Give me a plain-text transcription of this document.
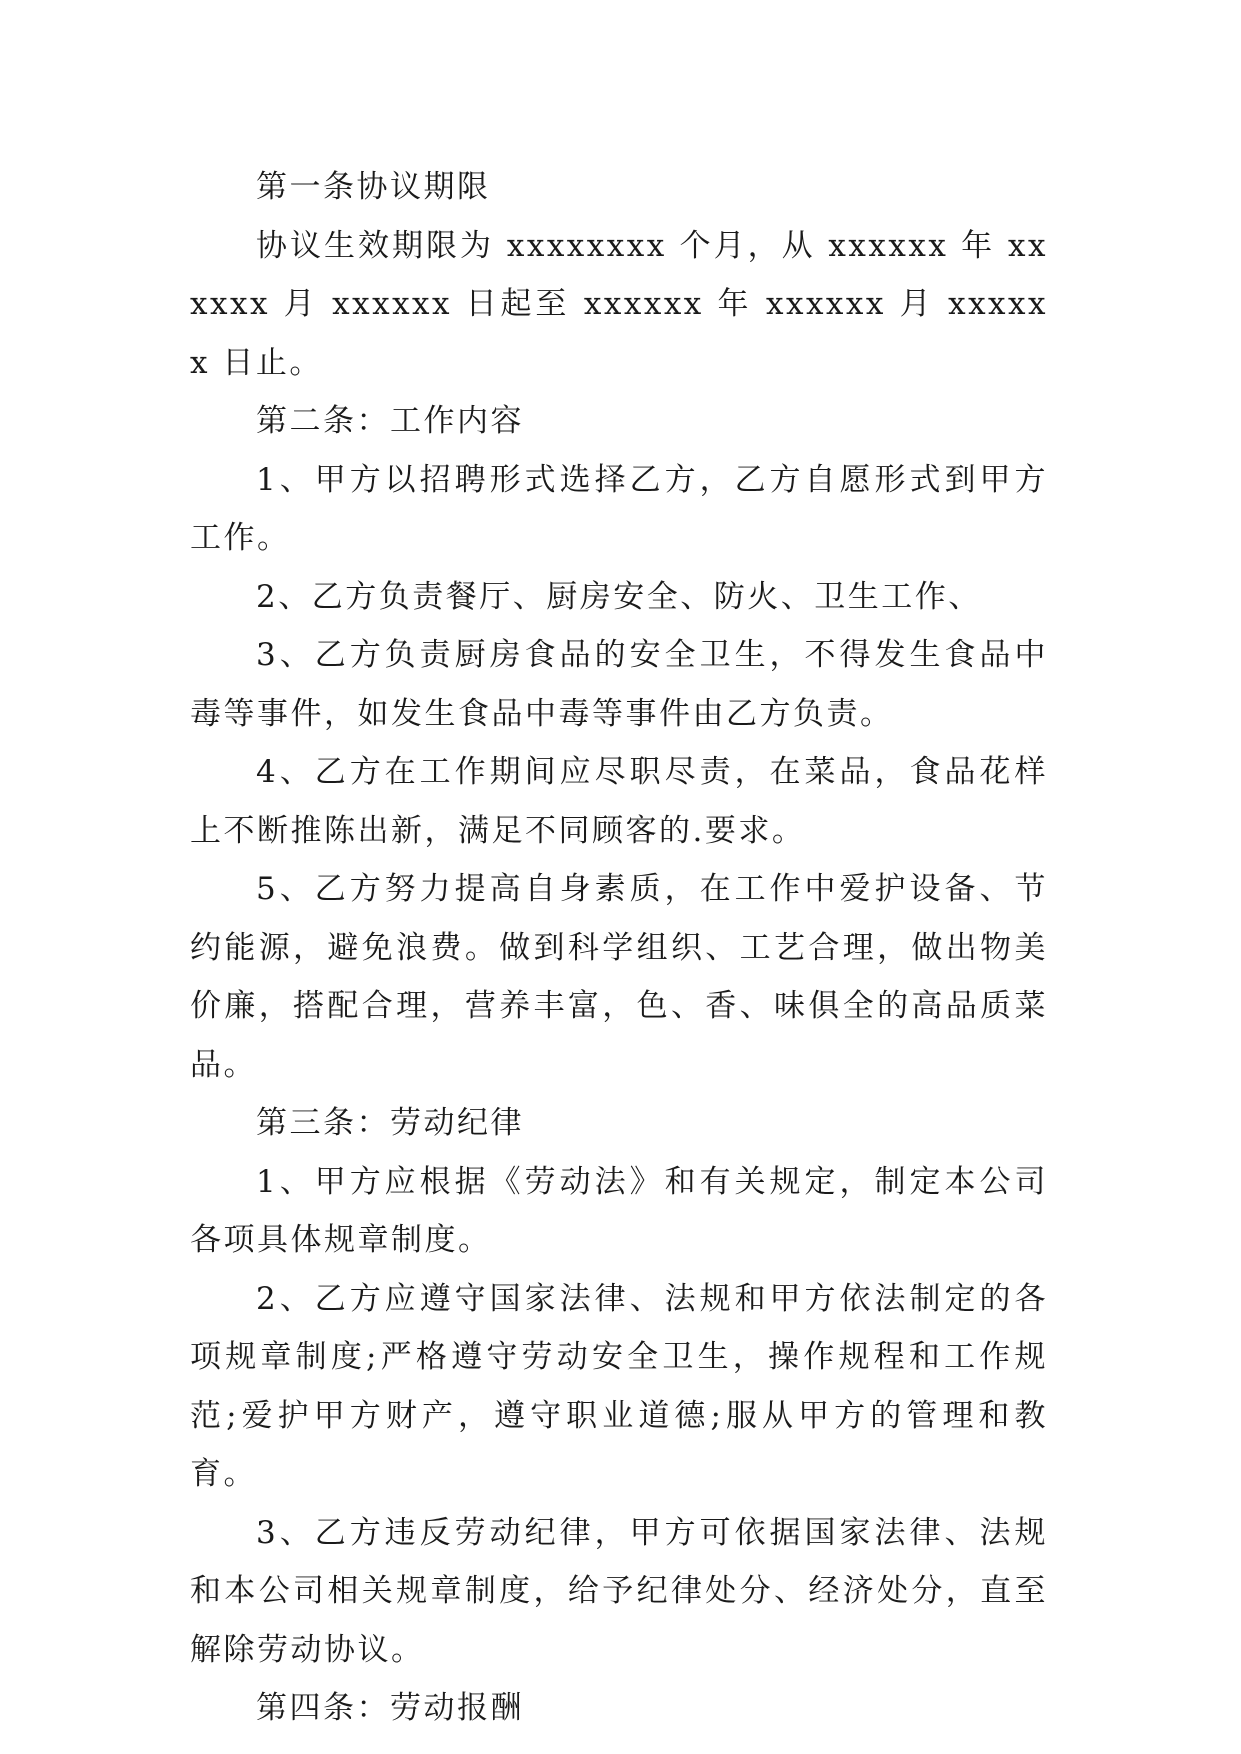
第一条协议期限

协议生效期限为 xxxxxxxx 个月，从 xxxxxx 年 xxxxxx 月 xxxxxx 日起至 xxxxxx 年 xxxxxx 月 xxxxxx 日止。

第二条：工作内容

1、甲方以招聘形式选择乙方，乙方自愿形式到甲方工作。

2、乙方负责餐厅、厨房安全、防火、卫生工作、

3、乙方负责厨房食品的安全卫生，不得发生食品中毒等事件，如发生食品中毒等事件由乙方负责。

4、乙方在工作期间应尽职尽责，在菜品，食品花样上不断推陈出新，满足不同顾客的.要求。

5、乙方努力提高自身素质，在工作中爱护设备、节约能源，避免浪费。做到科学组织、工艺合理，做出物美价廉，搭配合理，营养丰富，色、香、味俱全的高品质菜品。

第三条：劳动纪律

1、甲方应根据《劳动法》和有关规定，制定本公司各项具体规章制度。

2、乙方应遵守国家法律、法规和甲方依法制定的各项规章制度;严格遵守劳动安全卫生，操作规程和工作规范;爱护甲方财产，遵守职业道德;服从甲方的管理和教育。

3、乙方违反劳动纪律，甲方可依据国家法律、法规和本公司相关规章制度，给予纪律处分、经济处分，直至解除劳动协议。

第四条：劳动报酬
